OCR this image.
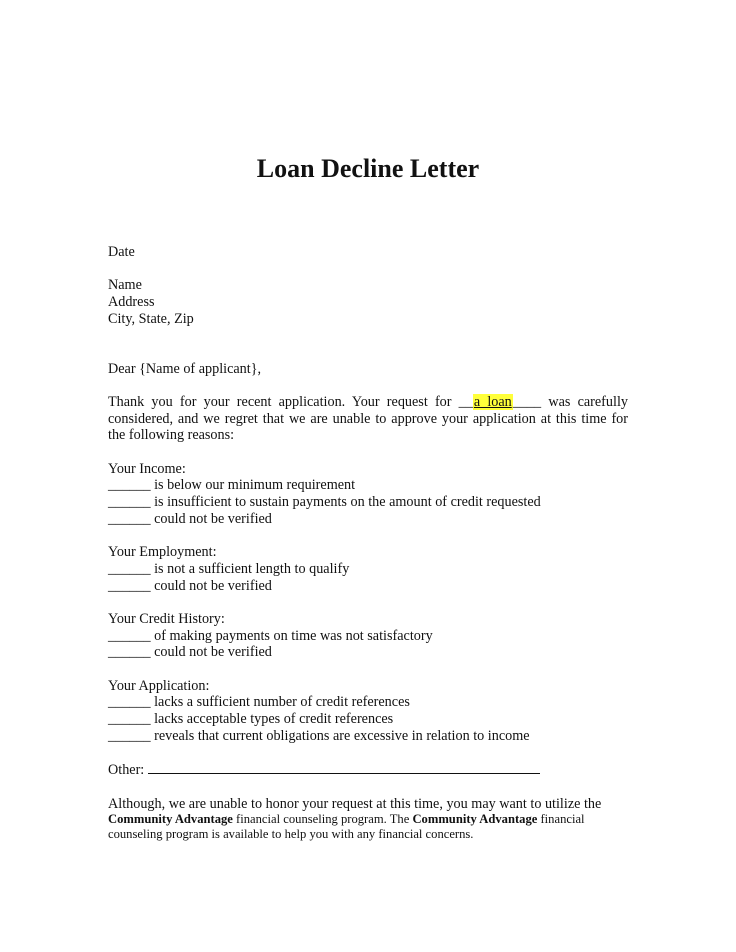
Loan Decline Letter
Date
Name
Address
City, State, Zip
Dear {Name of applicant},
Thank you for your recent application. Your request for __a loan____ was carefully considered, and we regret that we are unable to approve your application at this time for the following reasons:
Your Income:
______ is below our minimum requirement
______ is insufficient to sustain payments on the amount of credit requested
______ could not be verified
Your Employment:
______ is not a sufficient length to qualify
______ could not be verified
Your Credit History:
______ of making payments on time was not satisfactory
______ could not be verified
Your Application:
______ lacks a sufficient number of credit references
______ lacks acceptable types of credit references
______ reveals that current obligations are excessive in relation to income
Other:
Although, we are unable to honor your request at this time, you may want to utilize the
Community Advantage financial counseling program. The Community Advantage financial
counseling program is available to help you with any financial concerns.
